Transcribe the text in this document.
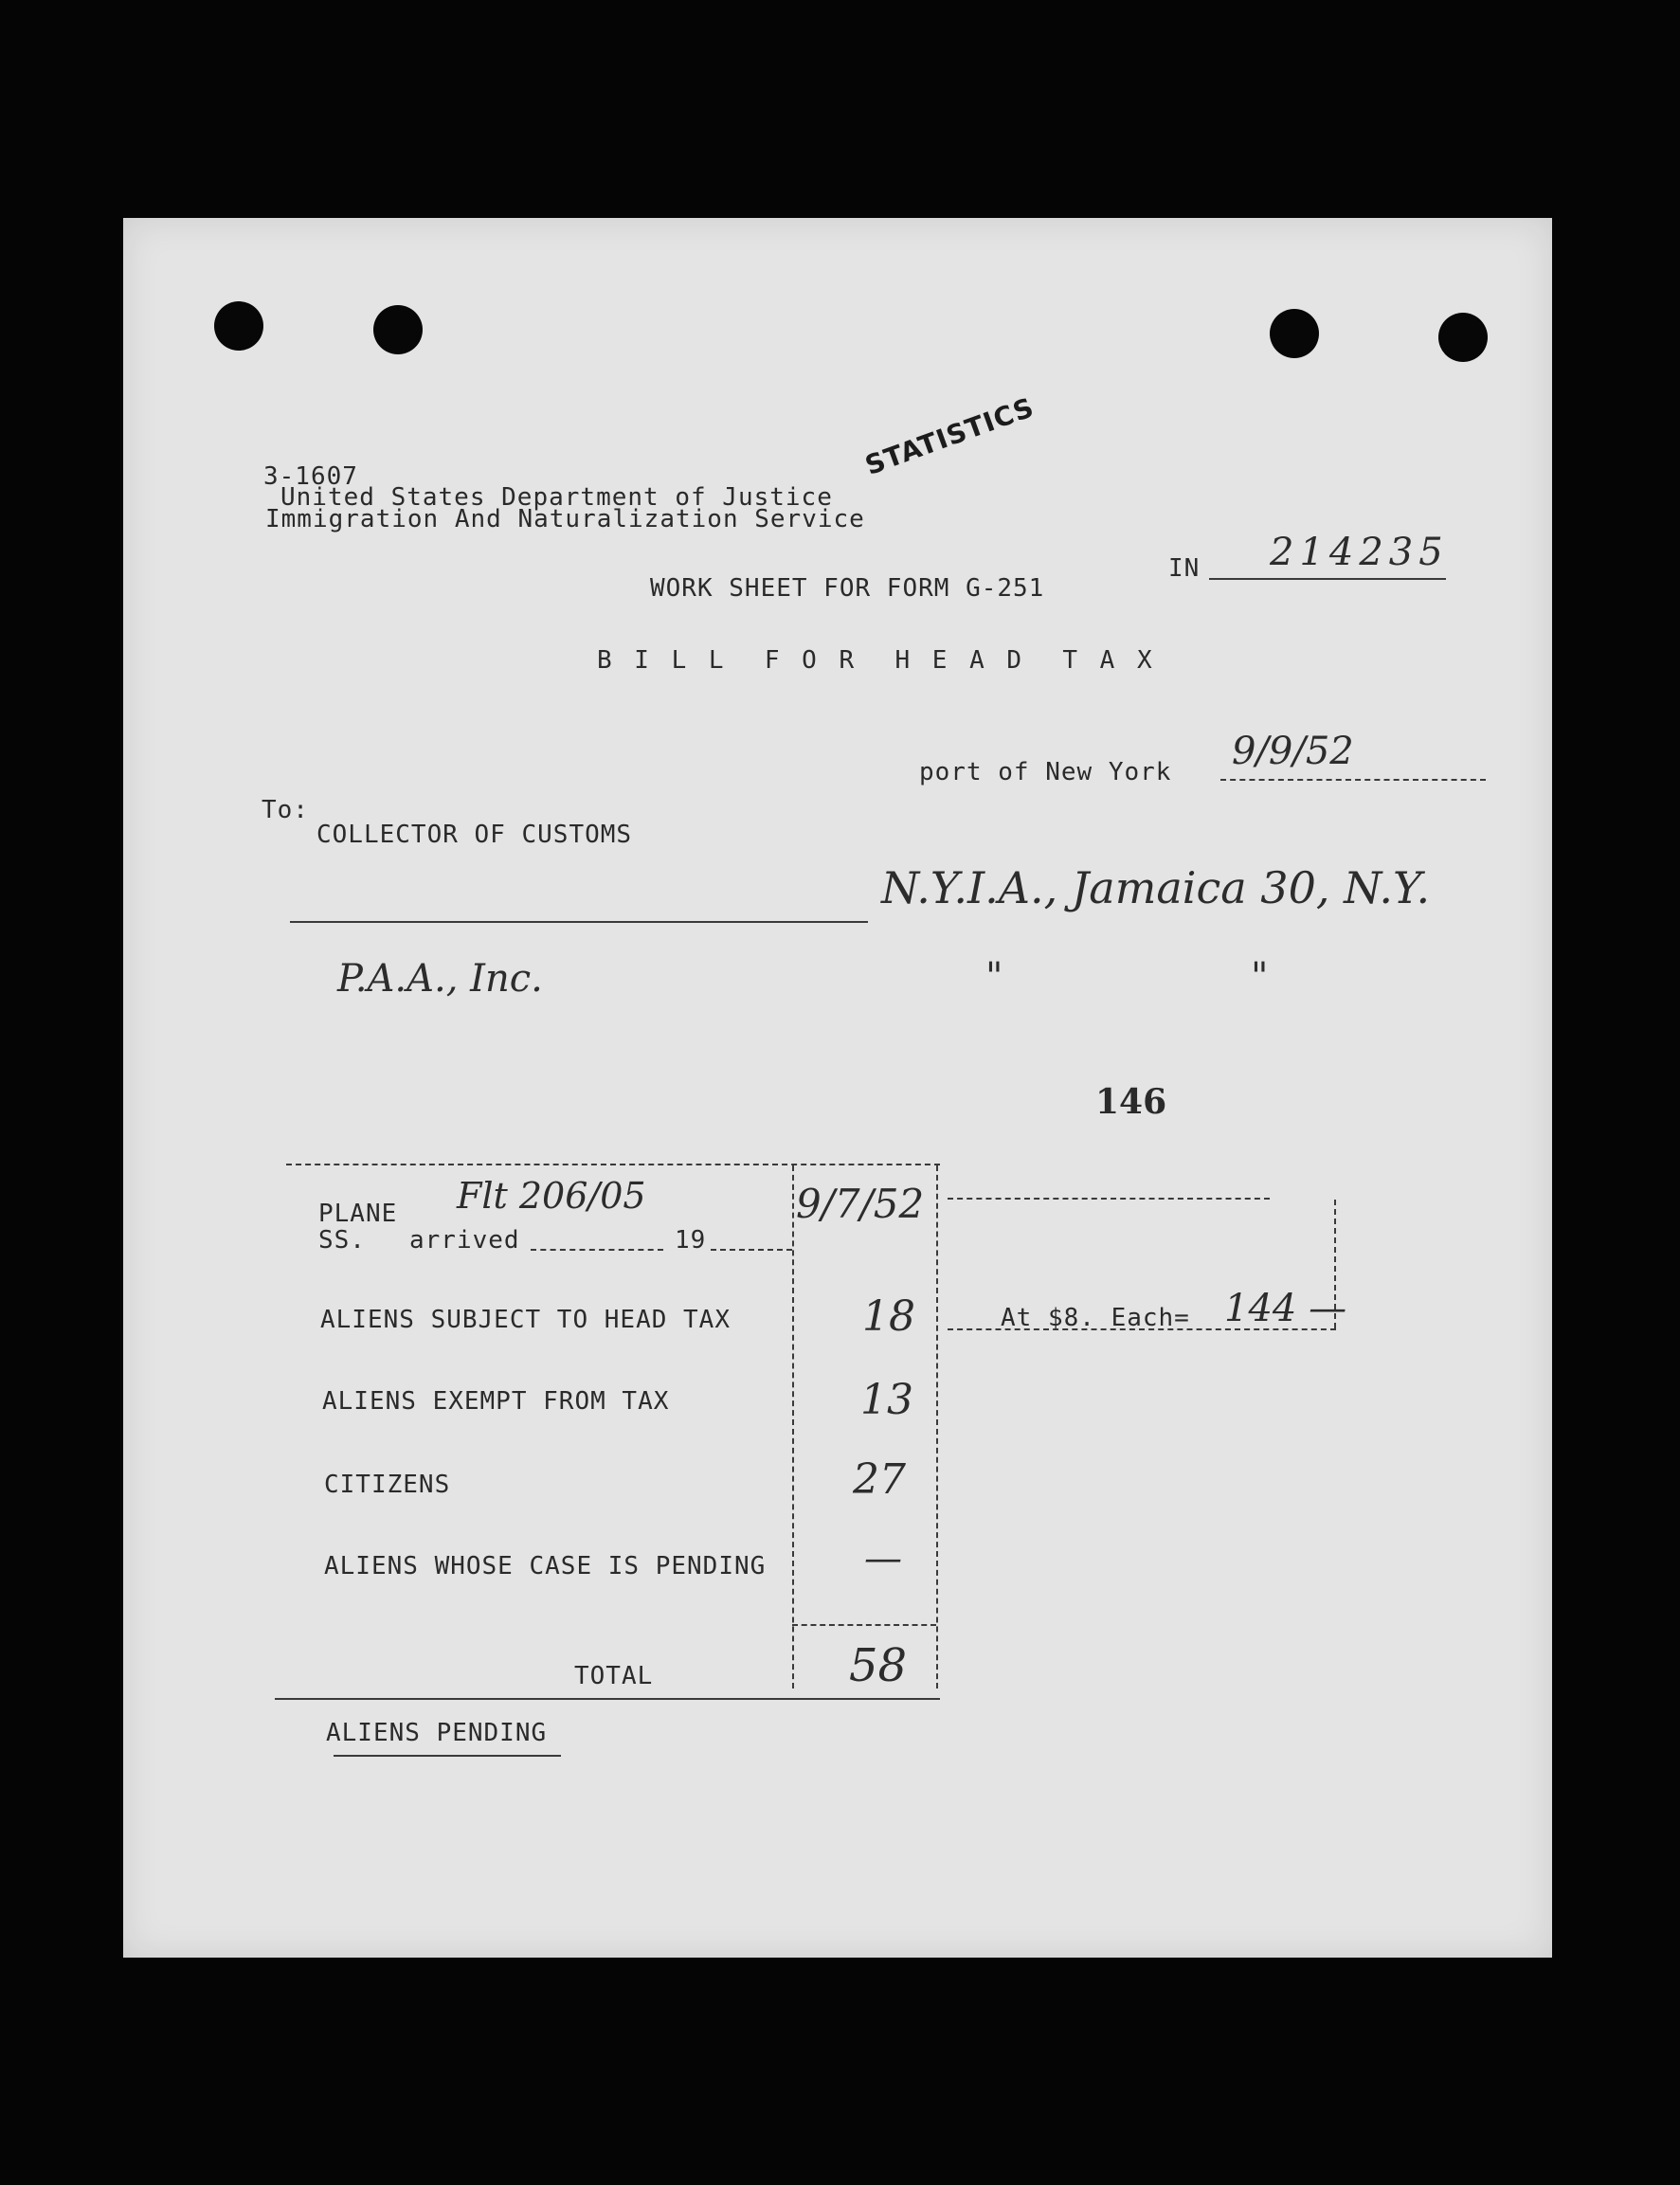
STATISTICS
3-1607
United States Department of Justice
Immigration And Naturalization Service
IN 214235
WORK SHEET FOR FORM G-251
B I L L  F O R  H E A D  T A X
port of New York 9/9/52
To:
COLLECTOR OF CUSTOMS
N.Y.I.A., Jamaica 30, N.Y.
P.A.A., Inc.	"	"
146
PLANE Flt 206/05
SS. arrived	19
9/7/52
ALIENS SUBJECT TO HEAD TAX	18
ALIENS EXEMPT FROM TAX	13
CITIZENS	27
ALIENS WHOSE CASE IS PENDING	—
TOTAL	58
At $8. Each= 144 —
ALIENS PENDING
